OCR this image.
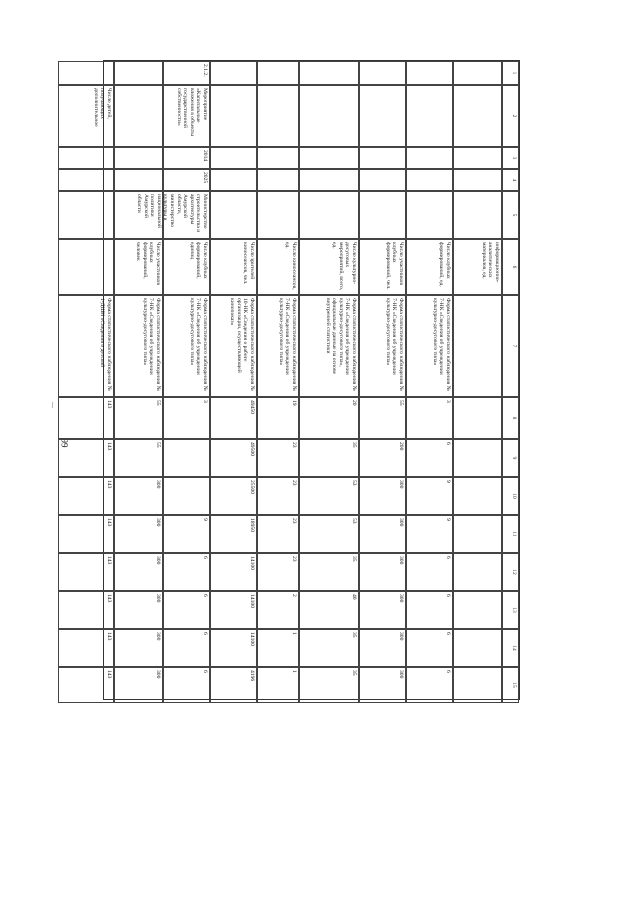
66
1
2
3
4
5
6
7
8
9
10
11
12
13
14
15
информационно-аналитических материалов, ед.
Число клубных формирований, ед.
Форма статистического наблюдения № 7-НК «Сведения об учреждении культурно-досугового типа»
3
6
9
9
6
6
6
6
Число участников клубных формирований, чел.
Форма статистического наблюдения № 7-НК «Сведения об учреждении культурно-досугового типа»
55
200
300
300
300
300
300
300
Число культурно-досуговых мероприятий, всего, ед.
Форма статистического наблюдения № 7-НК «Сведения об учреждении культурно-досугового типа», официальные данные на основе внутренней статистики
20
35
53
53
35
40
35
35
Число киносеансов, ед.
Форма статистического наблюдения № 7-НК «Сведения об учреждении культурно-досугового типа»
19
23
23
23
23
2
1
1
Число зрителей киносеансов, чел.
Форма статистического наблюдения № 10-НК «Сведения о работе организации, осуществляющей кинопоказ»
49450
49500
25500
18950
14100
14100
14100
4196
2.1.2.
Мероприятие «Капитальные вложения в объекты государственной собственности»
2014
2025
Министерство строительства и архитектуры Амурской области, министерство культуры и национальной политики Амурской области
Число клубных формирований, единиц
Форма статистического наблюдения № 7-НК «Сведения об учреждении культурно-досугового типа»
3
9
6
6
6
6
Число участников клубных формирований, человек
Форма статистического наблюдения № 7-НК «Сведения об учреждении культурно-досугового типа»
55
55
300
300
300
300
300
300
Число детей, получающих дополнительное
Форма статистического наблюдения № 1-ДШИ «Сведения о детской
143
143
143
143
143
143
143
143
